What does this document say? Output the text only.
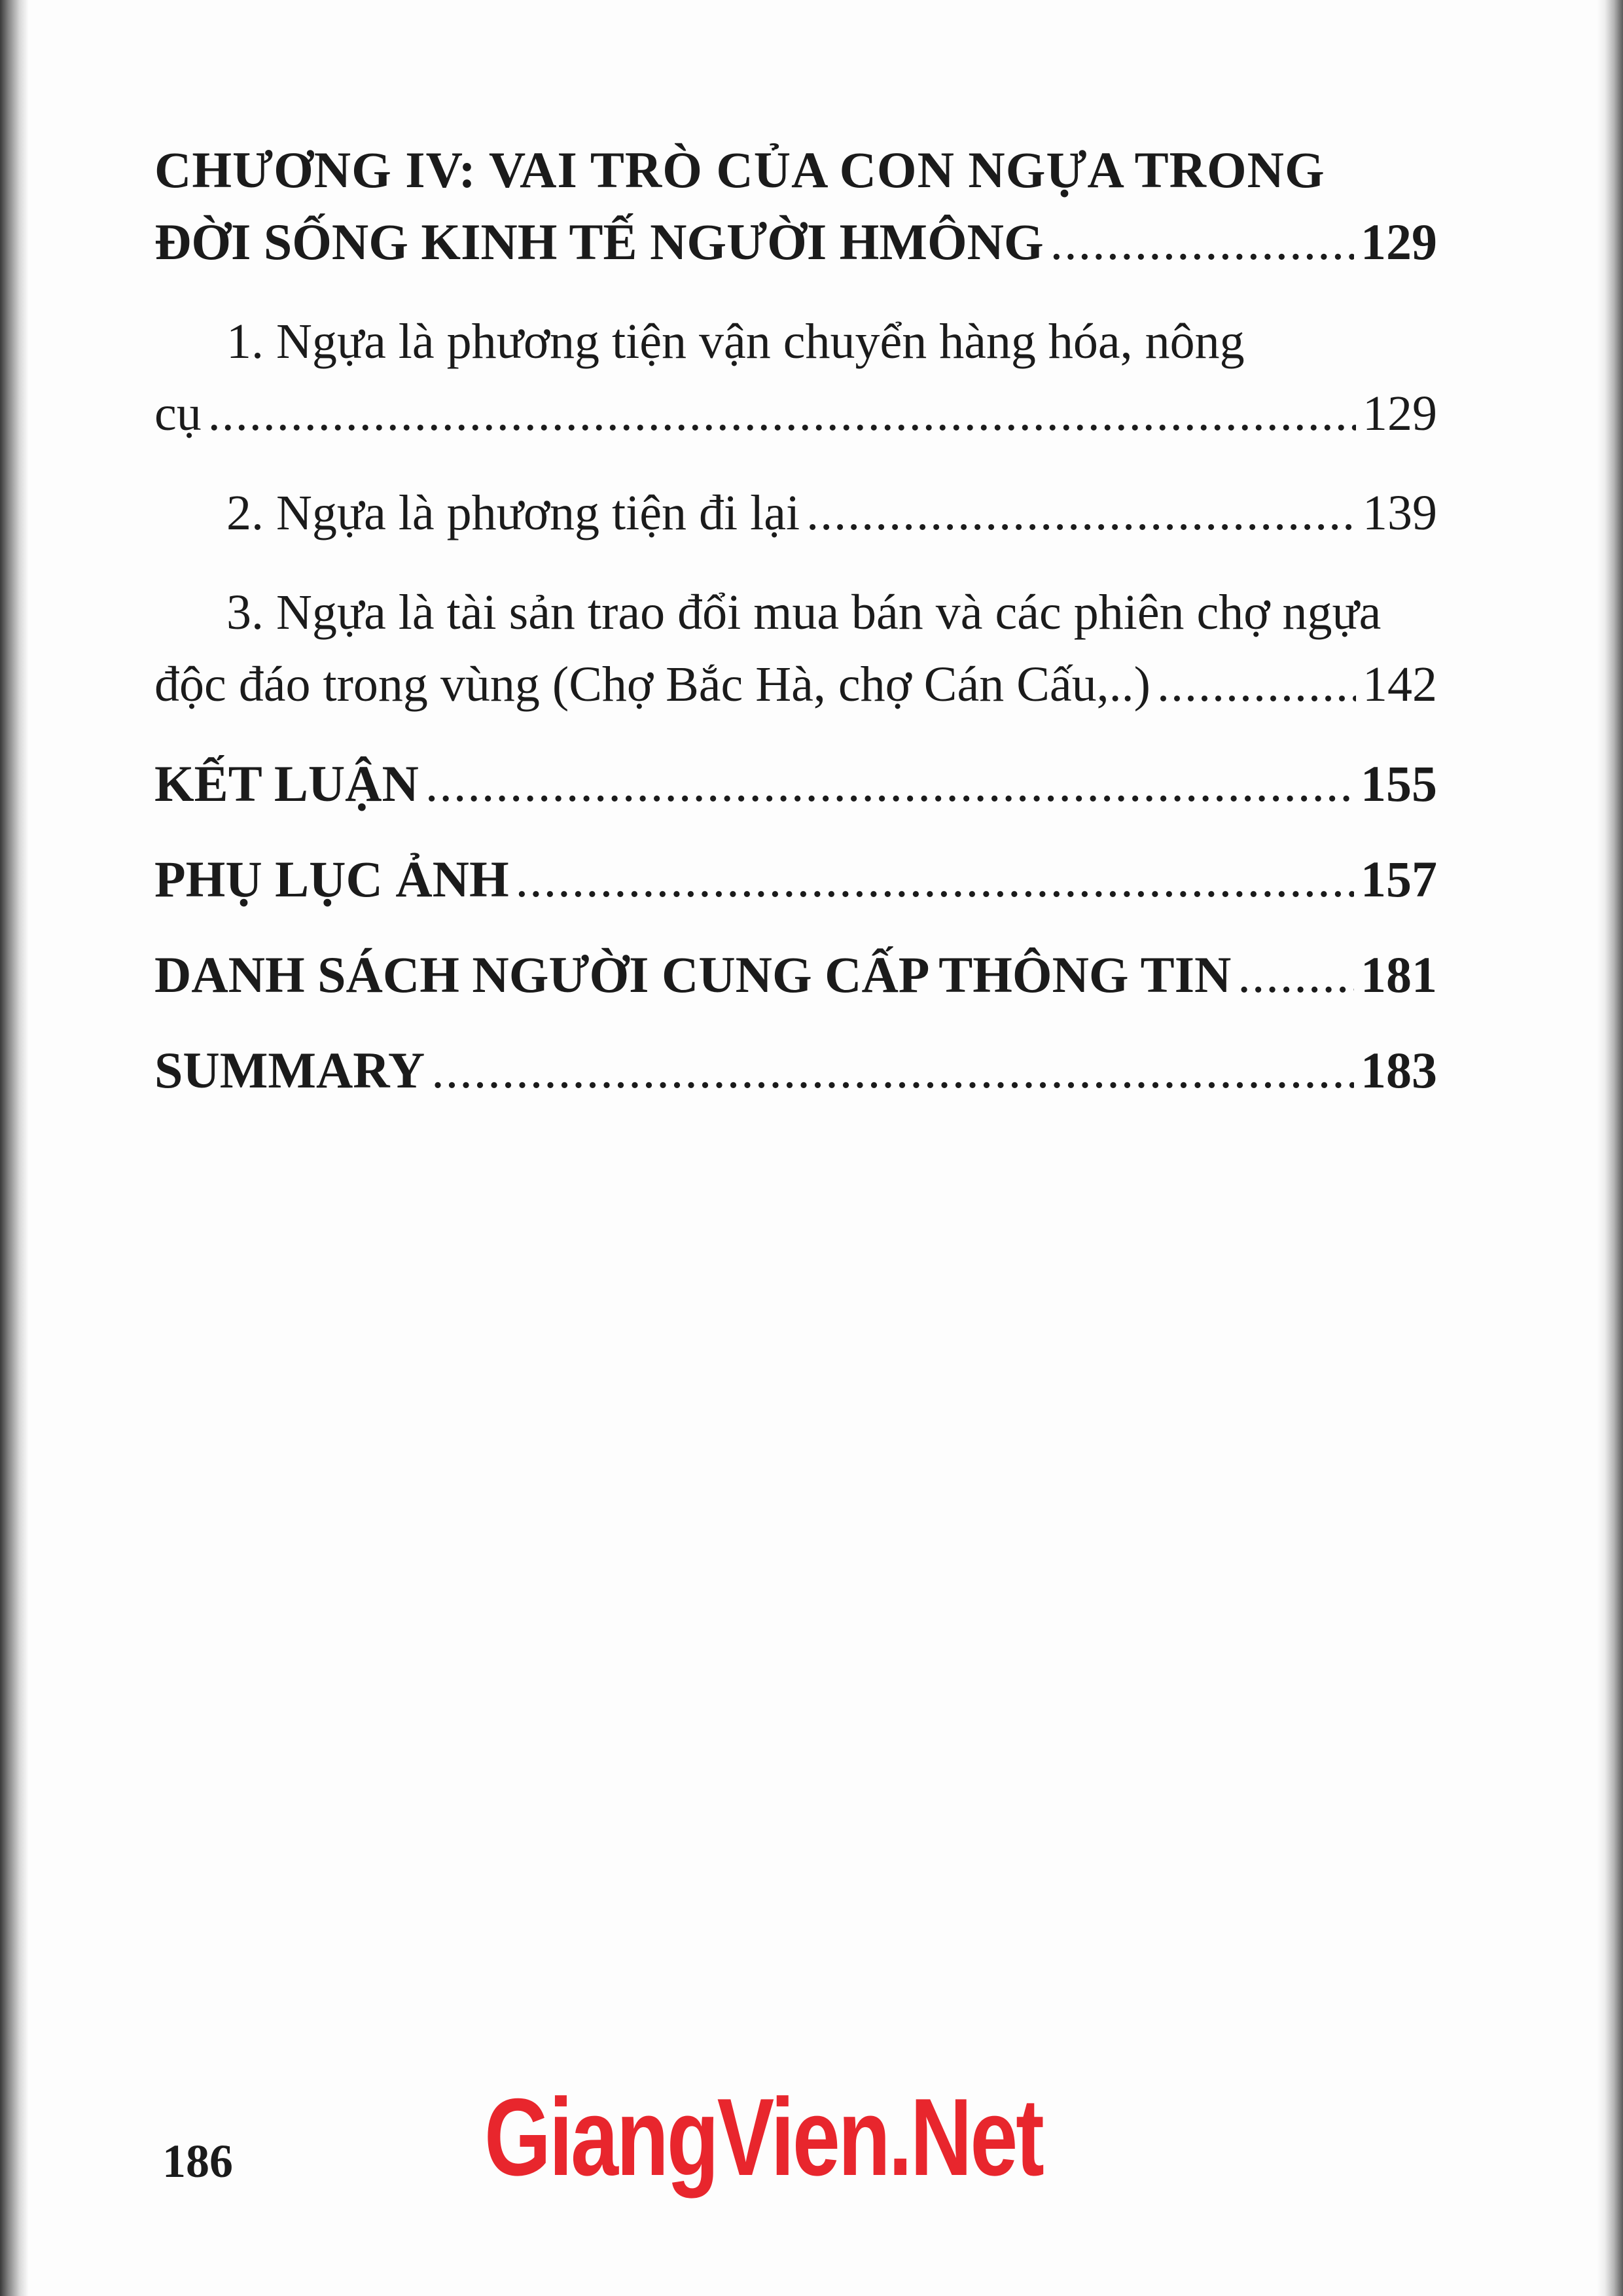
CHƯƠNG IV: VAI TRÒ CỦA CON NGỰA TRONG
ĐỜI SỐNG KINH TẾ NGƯỜI HMÔNG .....	129
1. Ngựa là phương tiện vận chuyển hàng hóa, nông
cụ .....	129
2. Ngựa là phương tiện đi lại .....	139
3. Ngựa là tài sản trao đổi mua bán và các phiên chợ ngựa
độc đáo trong vùng (Chợ Bắc Hà, chợ Cán Cấu,..) .....	142
KẾT LUẬN .....	155
PHỤ LỤC ẢNH .....	157
DANH SÁCH NGƯỜI CUNG CẤP THÔNG TIN .....	181
SUMMARY .....	183
186 GiangVien.Net
